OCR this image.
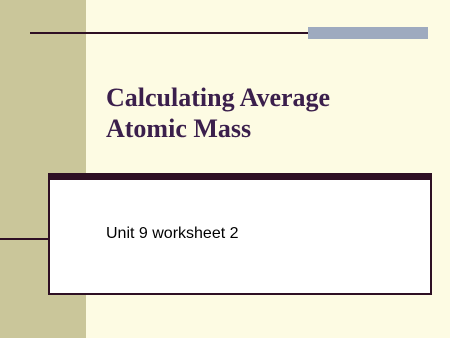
Calculating Average
Atomic Mass

Unit 9 worksheet 2
